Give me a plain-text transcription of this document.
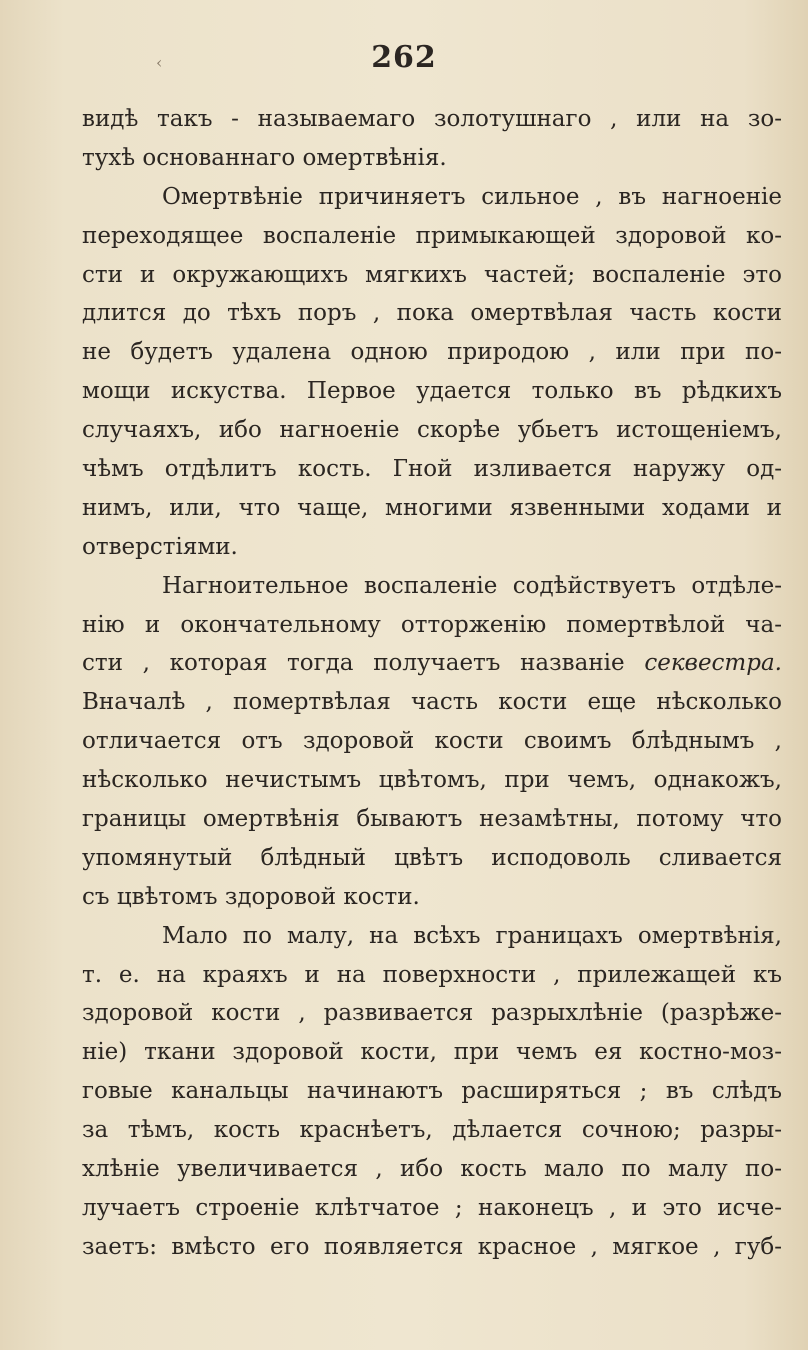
‹	262
видѣ такъ - называемаго золотушнаго , или на зо-
тухѣ основаннаго омертвѣнія.
Омертвѣніе причиняетъ сильное , въ нагноеніе
переходящее воспаленіе примыкающей здоровой ко-
сти и окружающихъ мягкихъ частей; воспаленіе это
длится до тѣхъ поръ , пока омертвѣлая часть кости
не будетъ удалена одною природою , или при по-
мощи искуства. Первое удается только въ рѣдкихъ
случаяхъ, ибо нагноеніе скорѣе убьетъ истощеніемъ,
чѣмъ отдѣлитъ кость. Гной изливается наружу од-
нимъ, или, что чаще, многими язвенными ходами и
отверстіями.
Нагноительное воспаленіе содѣйствуетъ отдѣле-
нію и окончательному отторженію помертвѣлой ча-
сти , которая тогда получаетъ названіе секвестра.
Вначалѣ , помертвѣлая часть кости еще нѣсколько
отличается отъ здоровой кости своимъ блѣднымъ ,
нѣсколько нечистымъ цвѣтомъ, при чемъ, однакожъ,
границы омертвѣнія бываютъ незамѣтны, потому что
упомянутый блѣдный цвѣтъ исподоволь сливается
съ цвѣтомъ здоровой кости.
Мало по малу, на всѣхъ границахъ омертвѣнія,
т. е. на краяхъ и на поверхности , прилежащей къ
здоровой кости , развивается разрыхлѣніе (разрѣже-
ніе) ткани здоровой кости, при чемъ ея костно-моз-
говые канальцы начинаютъ расширяться ; въ слѣдъ
за тѣмъ, кость краснѣетъ, дѣлается сочною; разры-
хлѣніе увеличивается , ибо кость мало по малу по-
лучаетъ строеніе клѣтчатое ; наконецъ , и это исче-
заетъ: вмѣсто его появляется красное , мягкое , губ-
